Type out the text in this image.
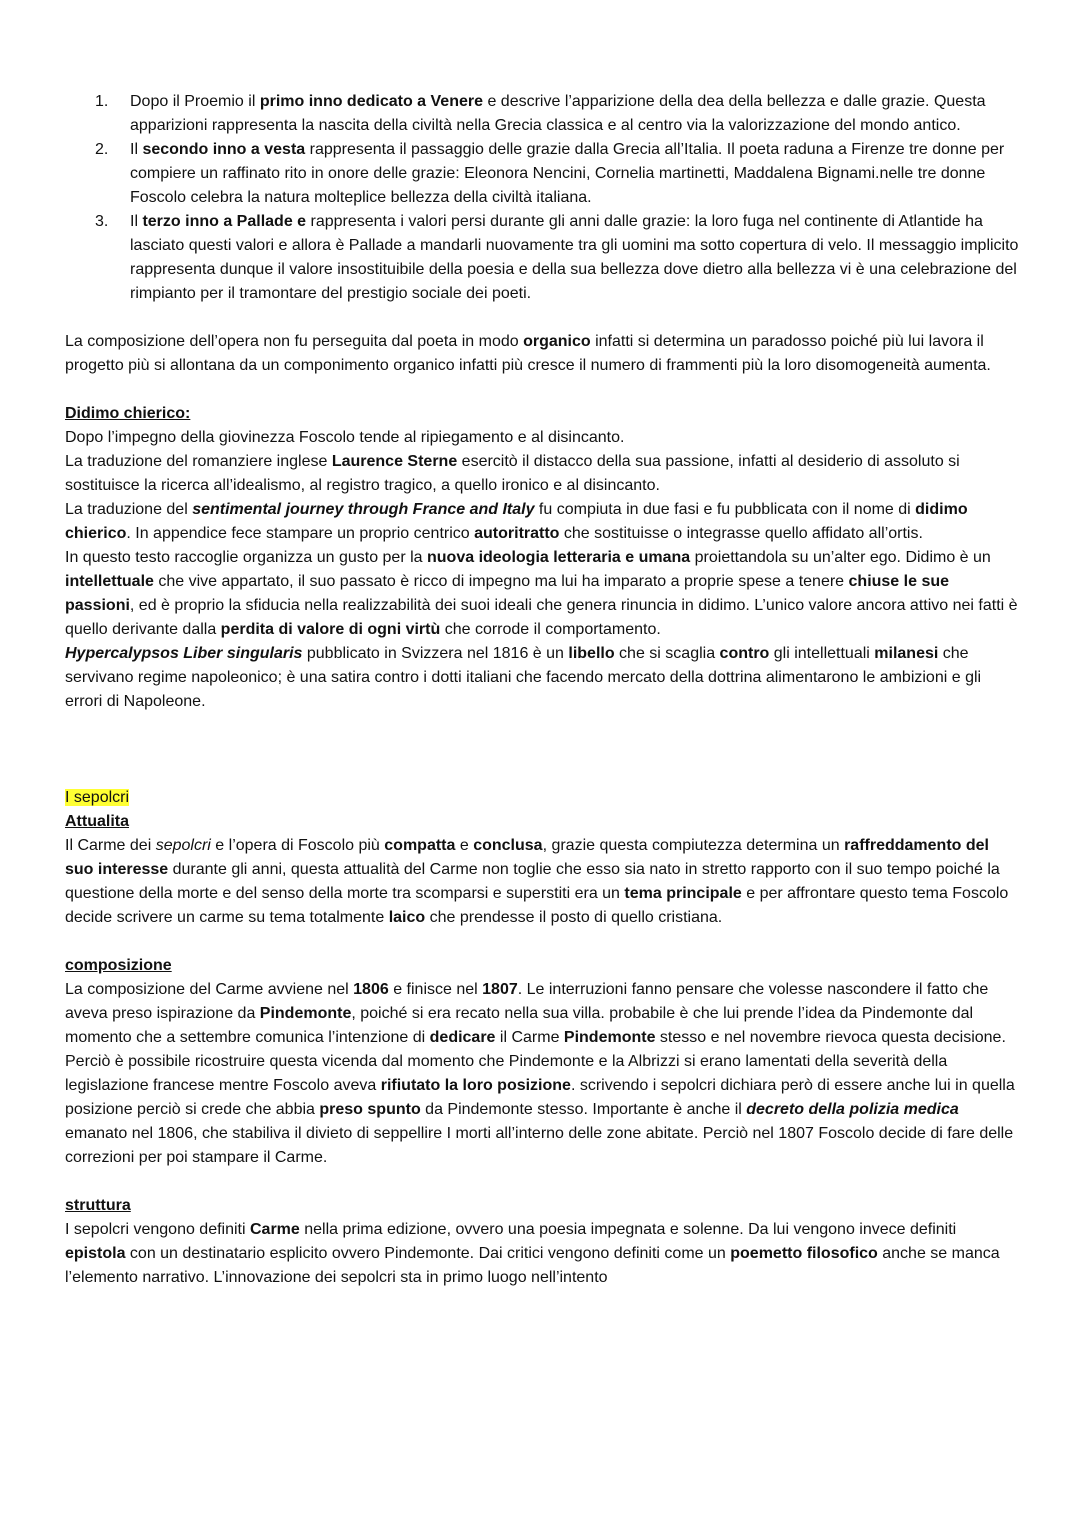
1. Dopo il Proemio il primo inno dedicato a Venere e descrive l’apparizione della dea della bellezza e dalle grazie. Questa apparizioni rappresenta la nascita della civiltà nella Grecia classica e al centro via la valorizzazione del mondo antico.
2. Il secondo inno a vesta rappresenta il passaggio delle grazie dalla Grecia all’Italia. Il poeta raduna a Firenze tre donne per compiere un raffinato rito in onore delle grazie: Eleonora Nencini, Cornelia martinetti, Maddalena Bignami.nelle tre donne Foscolo celebra la natura molteplice bellezza della civiltà italiana.
3. Il terzo inno a Pallade e rappresenta i valori persi durante gli anni dalle grazie: la loro fuga nel continente di Atlantide ha lasciato questi valori e allora è Pallade a mandarli nuovamente tra gli uomini ma sotto copertura di velo. Il messaggio implicito rappresenta dunque il valore insostituibile della poesia e della sua bellezza dove dietro alla bellezza vi è una celebrazione del rimpianto per il tramontare del prestigio sociale dei poeti.

La composizione dell’opera non fu perseguita dal poeta in modo organico infatti si determina un paradosso poiché più lui lavora il progetto più si allontana da un componimento organico infatti più cresce il numero di frammenti più la loro disomogeneità aumenta.

Didimo chierico:

Dopo l’impegno della giovinezza Foscolo tende al ripiegamento e al disincanto.

La traduzione del romanziere inglese Laurence Sterne esercitò il distacco della sua passione, infatti al desiderio di assoluto si sostituisce la ricerca all’idealismo, al registro tragico, a quello ironico e al disincanto.

La traduzione del sentimental journey through France and Italy fu compiuta in due fasi e fu pubblicata con il nome di didimo chierico. In appendice fece stampare un proprio centrico autoritratto che sostituisse o integrasse quello affidato all’ortis.

In questo testo raccoglie organizza un gusto per la nuova ideologia letteraria e umana proiettandola su un’alter ego. Didimo è un intellettuale che vive appartato, il suo passato è ricco di impegno ma lui ha imparato a proprie spese a tenere chiuse le sue passioni, ed è proprio la sfiducia nella realizzabilità dei suoi ideali che genera rinuncia in didimo. L’unico valore ancora attivo nei fatti è quello derivante dalla perdita di valore di ogni virtù che corrode il comportamento.

Hypercalypsos Liber singularis pubblicato in Svizzera nel 1816 è un libello che si scaglia contro gli intellettuali milanesi che servivano regime napoleonico; è una satira contro i dotti italiani che facendo mercato della dottrina alimentarono le ambizioni e gli errori di Napoleone.

I sepolcri
Attualita

Il Carme dei sepolcri e l’opera di Foscolo più compatta e conclusa, grazie questa compiutezza determina un raffreddamento del suo interesse durante gli anni, questa attualità del Carme non toglie che esso sia nato in stretto rapporto con il suo tempo poiché la questione della morte e del senso della morte tra scomparsi e superstiti era un tema principale e per affrontare questo tema Foscolo decide scrivere un carme su tema totalmente laico che prendesse il posto di quello cristiana.

composizione

La composizione del Carme avviene nel 1806 e finisce nel 1807. Le interruzioni fanno pensare che volesse nascondere il fatto che aveva preso ispirazione da Pindemonte, poiché si era recato nella sua villa. probabile è che lui prende l’idea da Pindemonte dal momento che a settembre comunica l’intenzione di dedicare il Carme Pindemonte stesso e nel novembre rievoca questa decisione. Perciò è possibile ricostruire questa vicenda dal momento che Pindemonte e la Albrizzi si erano lamentati della severità della legislazione francese mentre Foscolo aveva rifiutato la loro posizione. scrivendo i sepolcri dichiara però di essere anche lui in quella posizione perciò si crede che abbia preso spunto da Pindemonte stesso. Importante è anche il decreto della polizia medica emanato nel 1806, che stabiliva il divieto di seppellire I morti all’interno delle zone abitate. Perciò nel 1807 Foscolo decide di fare delle correzioni per poi stampare il Carme.

struttura

I sepolcri vengono definiti Carme nella prima edizione, ovvero una poesia impegnata e solenne. Da lui vengono invece definiti epistola con un destinatario esplicito ovvero Pindemonte. Dai critici vengono definiti come un poemetto filosofico anche se manca l’elemento narrativo. L’innovazione dei sepolcri sta in primo luogo nell’intento
